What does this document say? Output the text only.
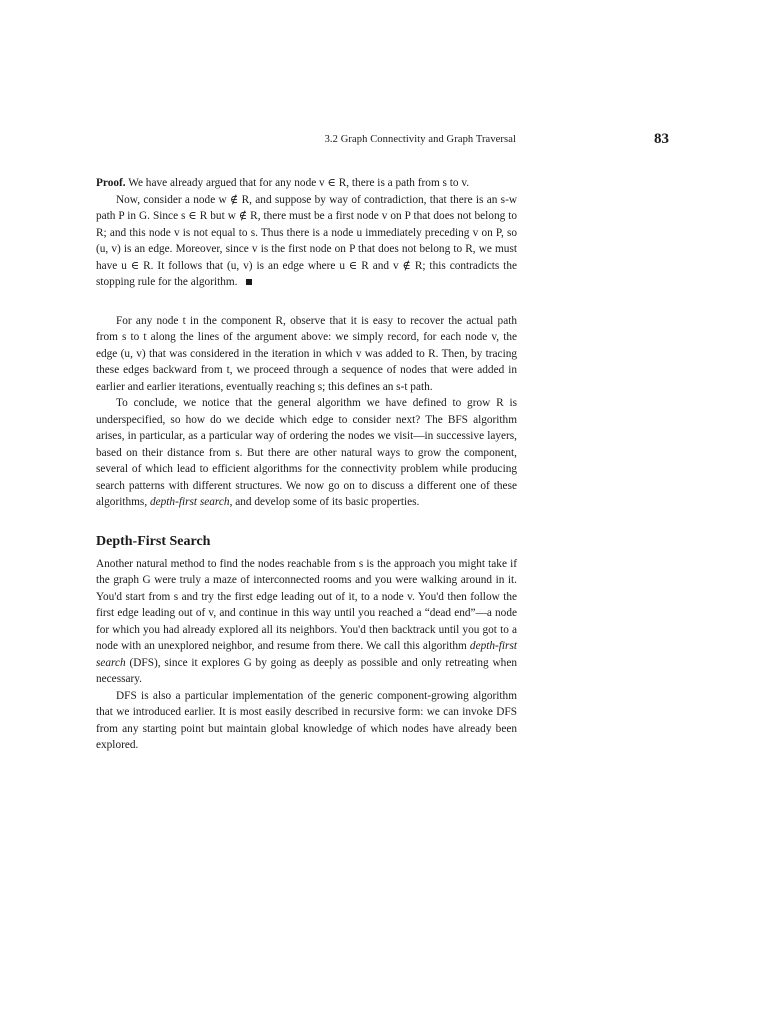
3.2 Graph Connectivity and Graph Traversal	83

Proof. We have already argued that for any node v ∈ R, there is a path from s to v.

Now, consider a node w ∉ R, and suppose by way of contradiction, that there is an s-w path P in G. Since s ∈ R but w ∉ R, there must be a first node v on P that does not belong to R; and this node v is not equal to s. Thus there is a node u immediately preceding v on P, so (u, v) is an edge. Moreover, since v is the first node on P that does not belong to R, we must have u ∈ R. It follows that (u, v) is an edge where u ∈ R and v ∉ R; this contradicts the stopping rule for the algorithm.

For any node t in the component R, observe that it is easy to recover the actual path from s to t along the lines of the argument above: we simply record, for each node v, the edge (u, v) that was considered in the iteration in which v was added to R. Then, by tracing these edges backward from t, we proceed through a sequence of nodes that were added in earlier and earlier iterations, eventually reaching s; this defines an s-t path.

To conclude, we notice that the general algorithm we have defined to grow R is underspecified, so how do we decide which edge to consider next? The BFS algorithm arises, in particular, as a particular way of ordering the nodes we visit—in successive layers, based on their distance from s. But there are other natural ways to grow the component, several of which lead to efficient algorithms for the connectivity problem while producing search patterns with different structures. We now go on to discuss a different one of these algorithms, depth-first search, and develop some of its basic properties.

Depth-First Search

Another natural method to find the nodes reachable from s is the approach you might take if the graph G were truly a maze of interconnected rooms and you were walking around in it. You'd start from s and try the first edge leading out of it, to a node v. You'd then follow the first edge leading out of v, and continue in this way until you reached a “dead end”—a node for which you had already explored all its neighbors. You'd then backtrack until you got to a node with an unexplored neighbor, and resume from there. We call this algorithm depth-first search (DFS), since it explores G by going as deeply as possible and only retreating when necessary.

DFS is also a particular implementation of the generic component-growing algorithm that we introduced earlier. It is most easily described in recursive form: we can invoke DFS from any starting point but maintain global knowledge of which nodes have already been explored.
